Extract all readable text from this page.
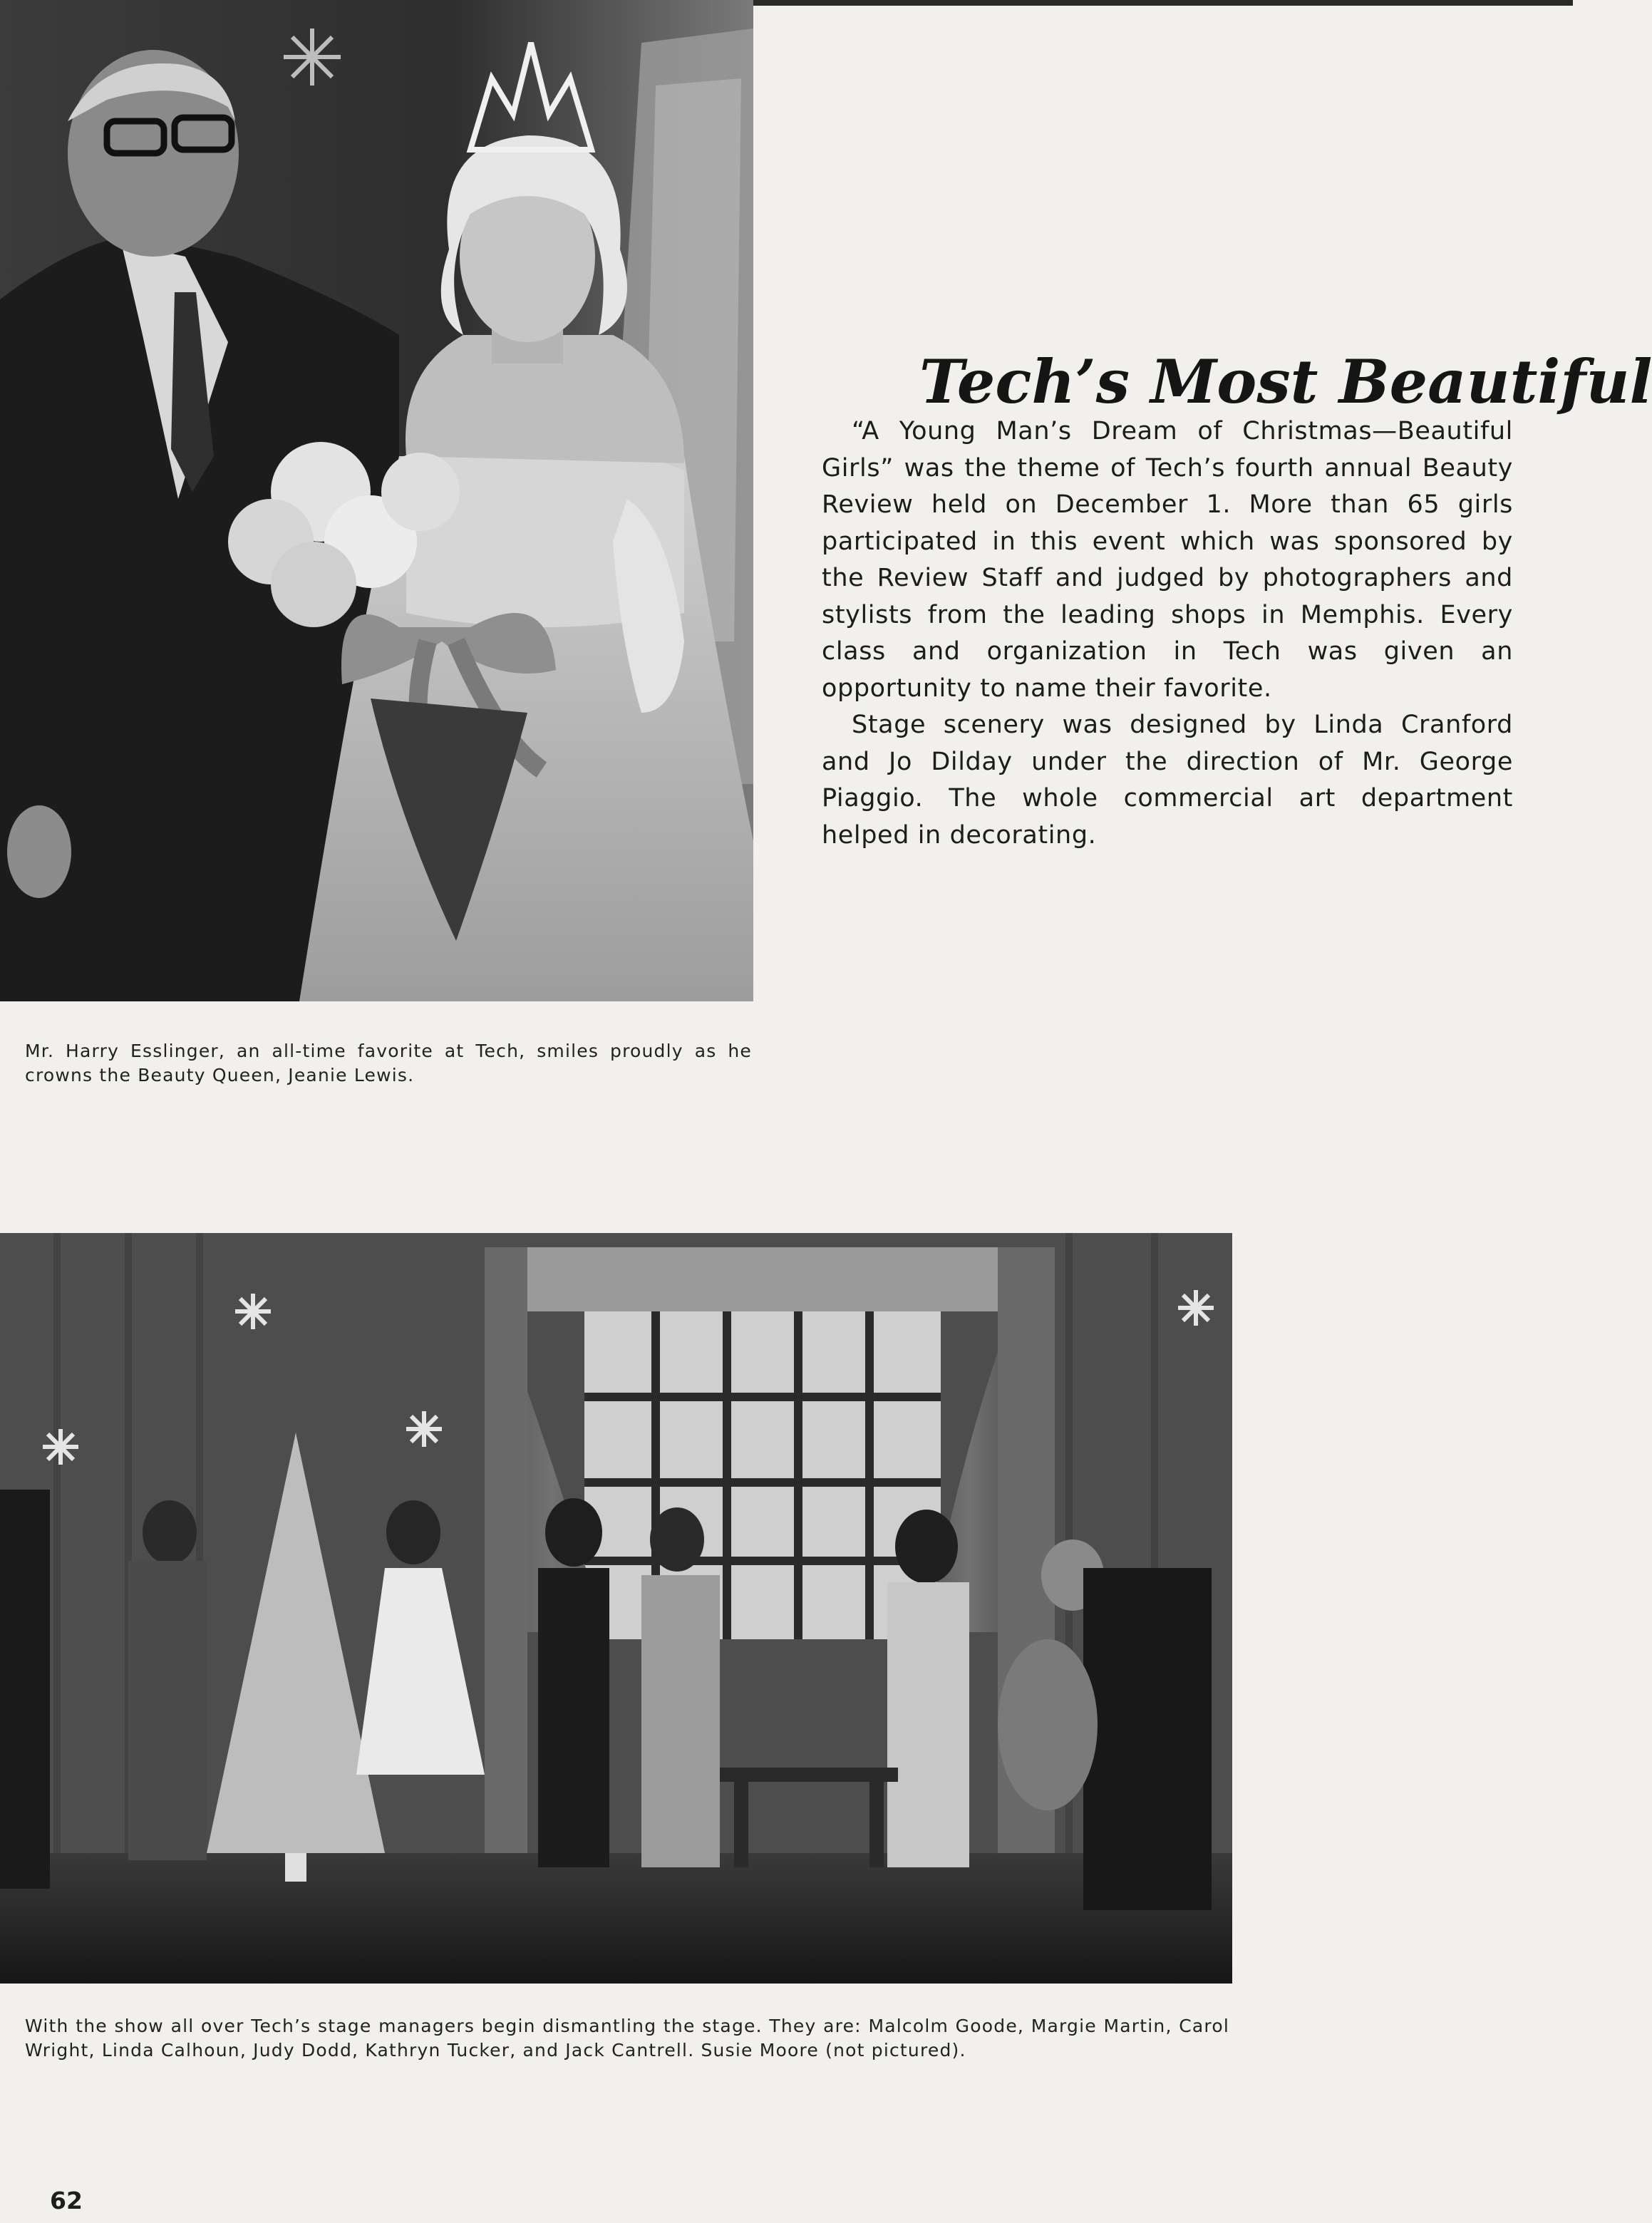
Tech’s Most Beautiful

“A Young Man’s Dream of Christmas—Beautiful Girls” was the theme of Tech’s fourth annual Beauty Review held on December 1. More than 65 girls participated in this event which was sponsored by the Review Staff and judged by photographers and stylists from the leading shops in Memphis. Every class and organization in Tech was given an opportunity to name their favorite.

Stage scenery was designed by Linda Cranford and Jo Dilday under the direction of Mr. George Piaggio. The whole commercial art department helped in decorating.

Mr. Harry Esslinger, an all-time favorite at Tech, smiles proudly as he crowns the Beauty Queen, Jeanie Lewis.
With the show all over Tech’s stage managers begin dismantling the stage. They are: Malcolm Goode, Margie Martin, Carol Wright, Linda Calhoun, Judy Dodd, Kathryn Tucker, and Jack Cantrell. Susie Moore (not pictured).
62
